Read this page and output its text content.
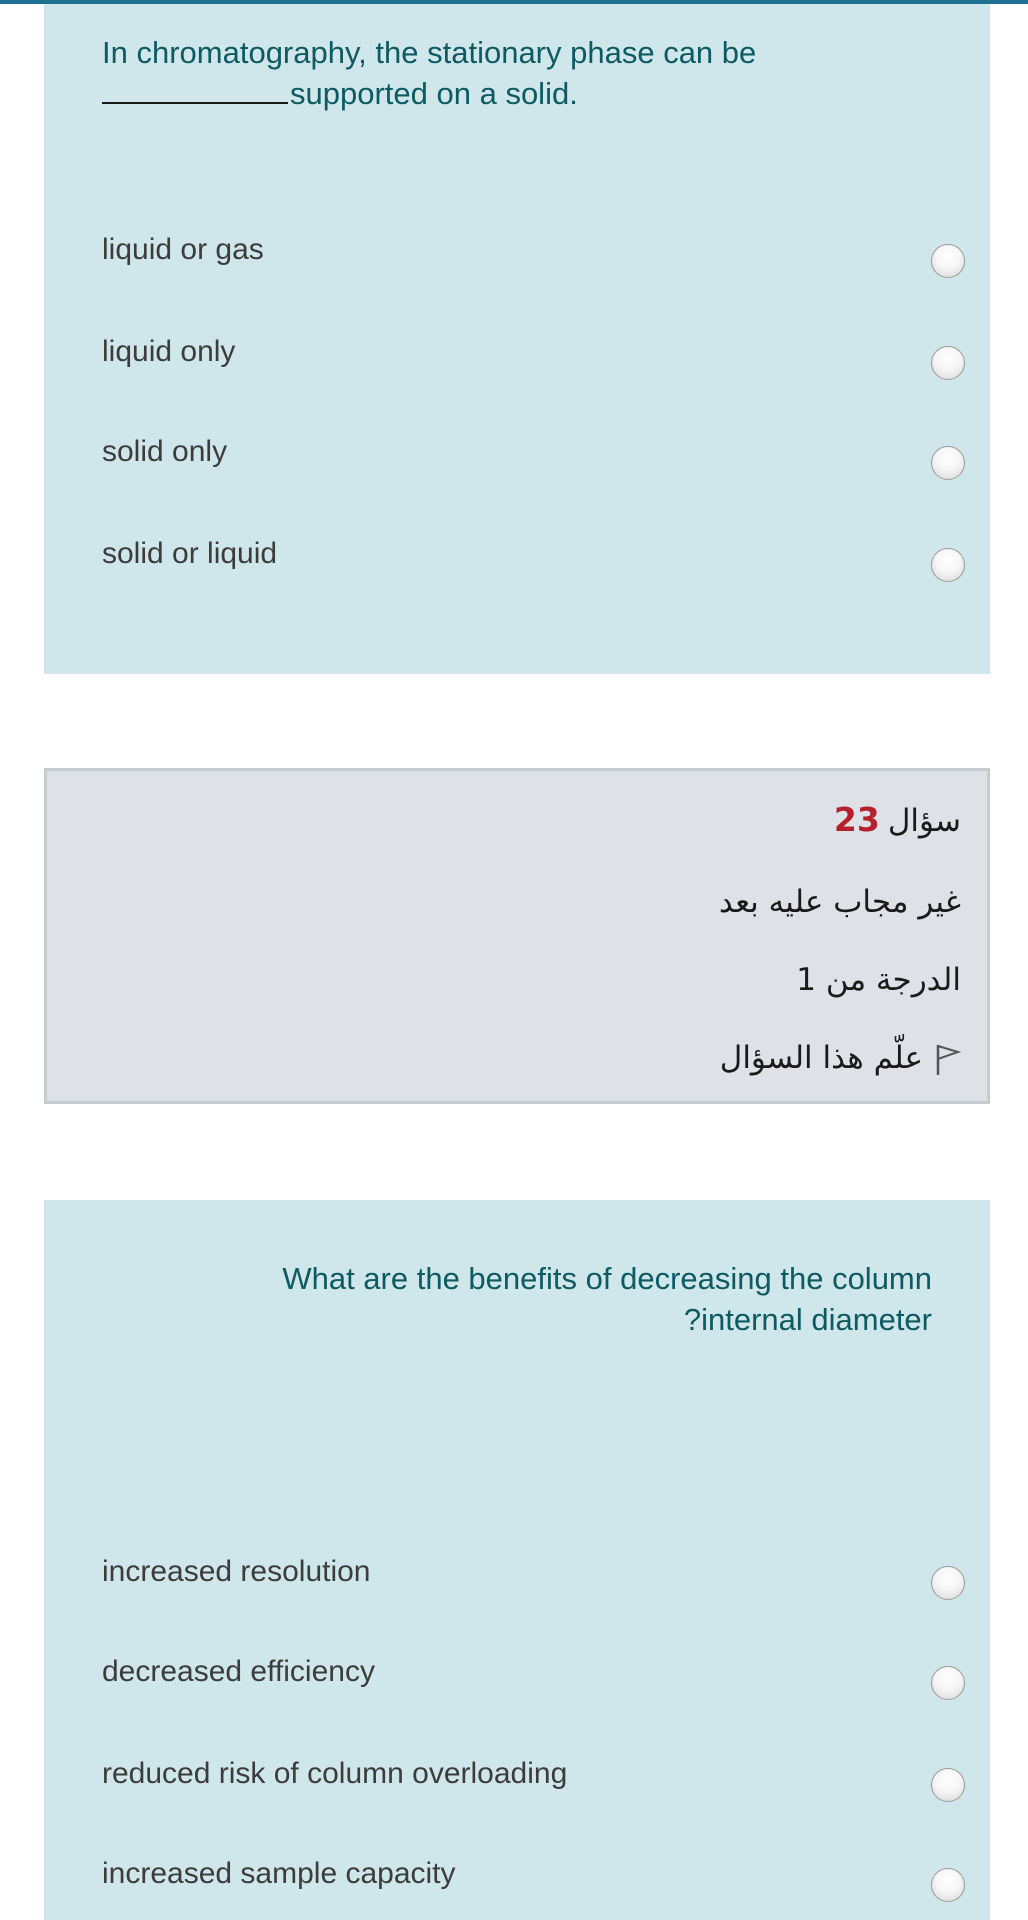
In chromatography, the stationary phase can be
supported on a solid.
liquid or gas
liquid only
solid only
solid or liquid
سؤال23
غير مجاب عليه بعد
الدرجة من 1
علّم هذا السؤال
What are the benefits of decreasing the column
?internal diameter
increased resolution
decreased efficiency
reduced risk of column overloading
increased sample capacity
